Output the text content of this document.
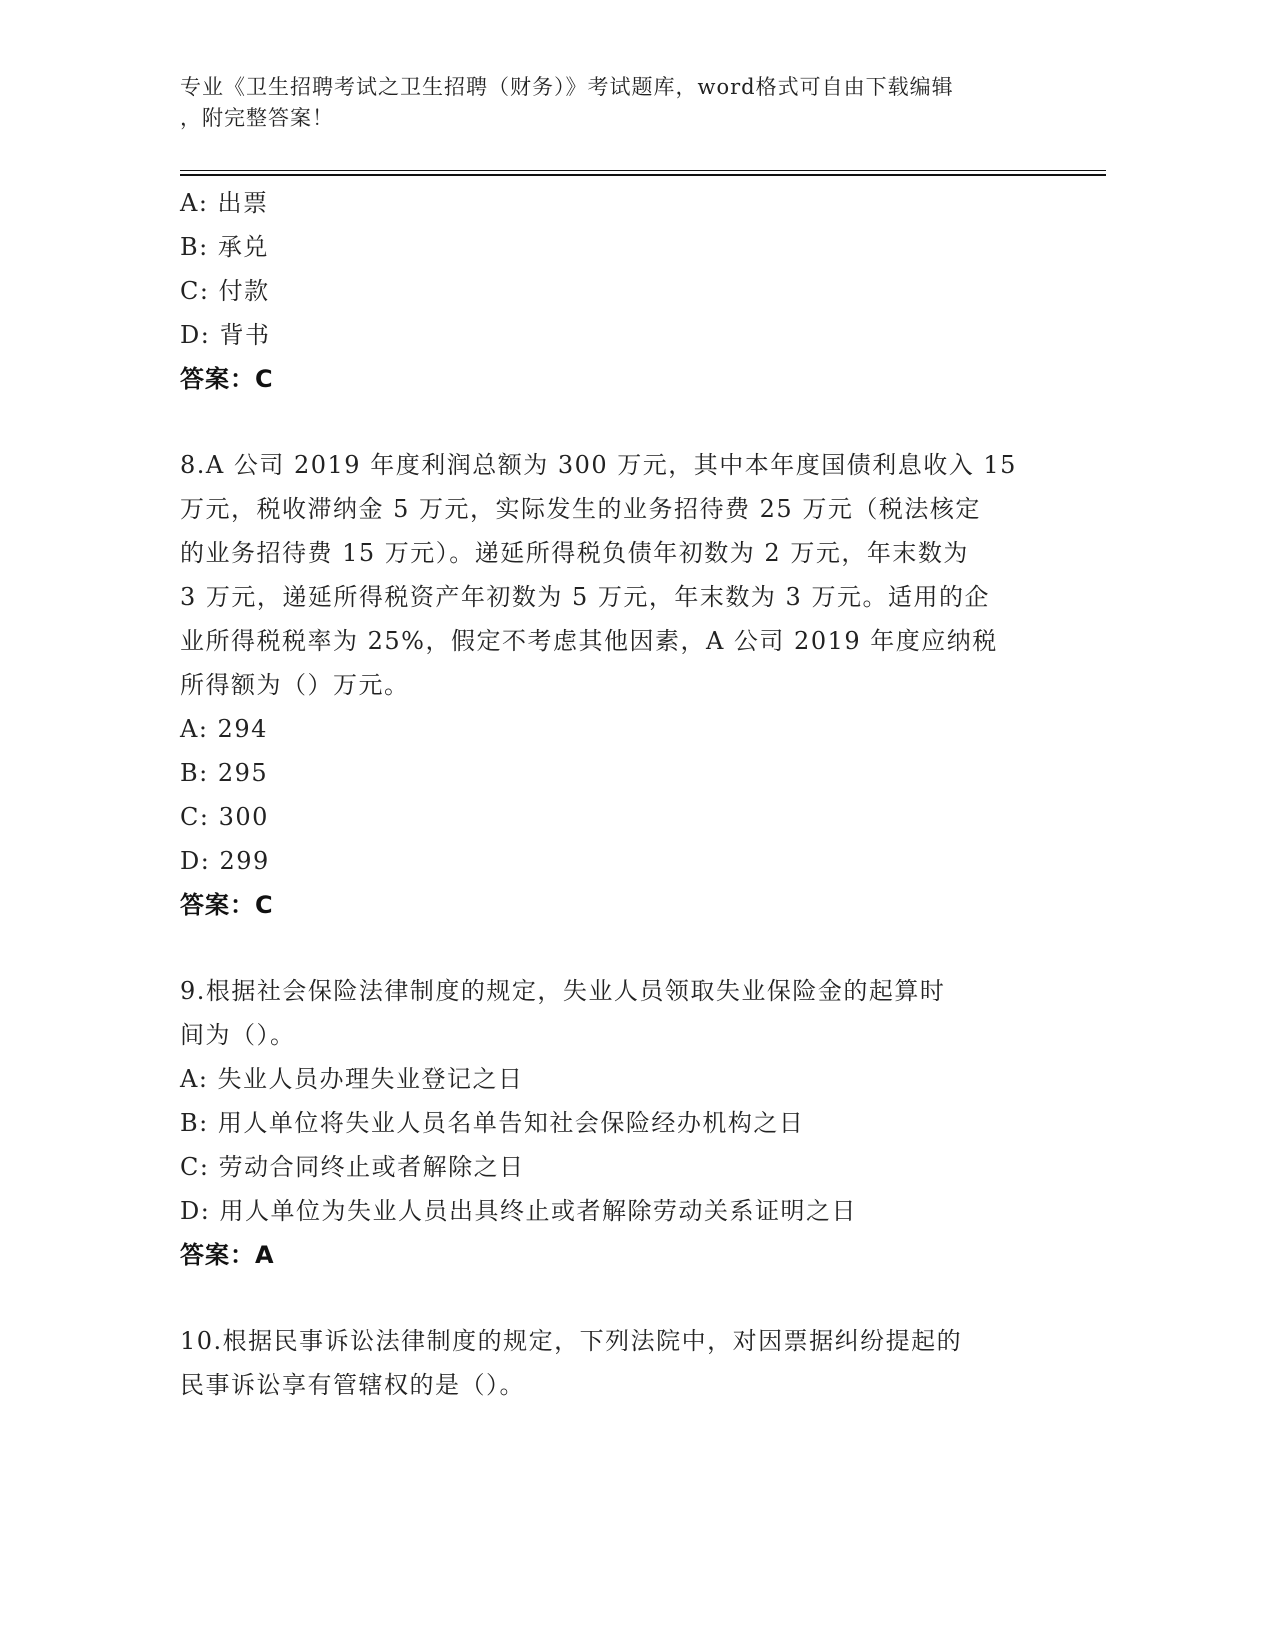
专业《卫生招聘考试之卫生招聘（财务）》考试题库，word格式可自由下载编辑
，附完整答案！
A: 出票
B: 承兑
C: 付款
D: 背书
答案：C
8.A 公司 2019 年度利润总额为 300 万元，其中本年度国债利息收入 15
万元，税收滞纳金 5 万元，实际发生的业务招待费 25 万元（税法核定
的业务招待费 15 万元）。递延所得税负债年初数为 2 万元，年末数为
3 万元，递延所得税资产年初数为 5 万元，年末数为 3 万元。适用的企
业所得税税率为 25%，假定不考虑其他因素，A 公司 2019 年度应纳税
所得额为（）万元。
A: 294
B: 295
C: 300
D: 299
答案：C
9.根据社会保险法律制度的规定，失业人员领取失业保险金的起算时
间为（）。
A: 失业人员办理失业登记之日
B: 用人单位将失业人员名单告知社会保险经办机构之日
C: 劳动合同终止或者解除之日
D: 用人单位为失业人员出具终止或者解除劳动关系证明之日
答案：A
10.根据民事诉讼法律制度的规定，下列法院中，对因票据纠纷提起的
民事诉讼享有管辖权的是（）。
